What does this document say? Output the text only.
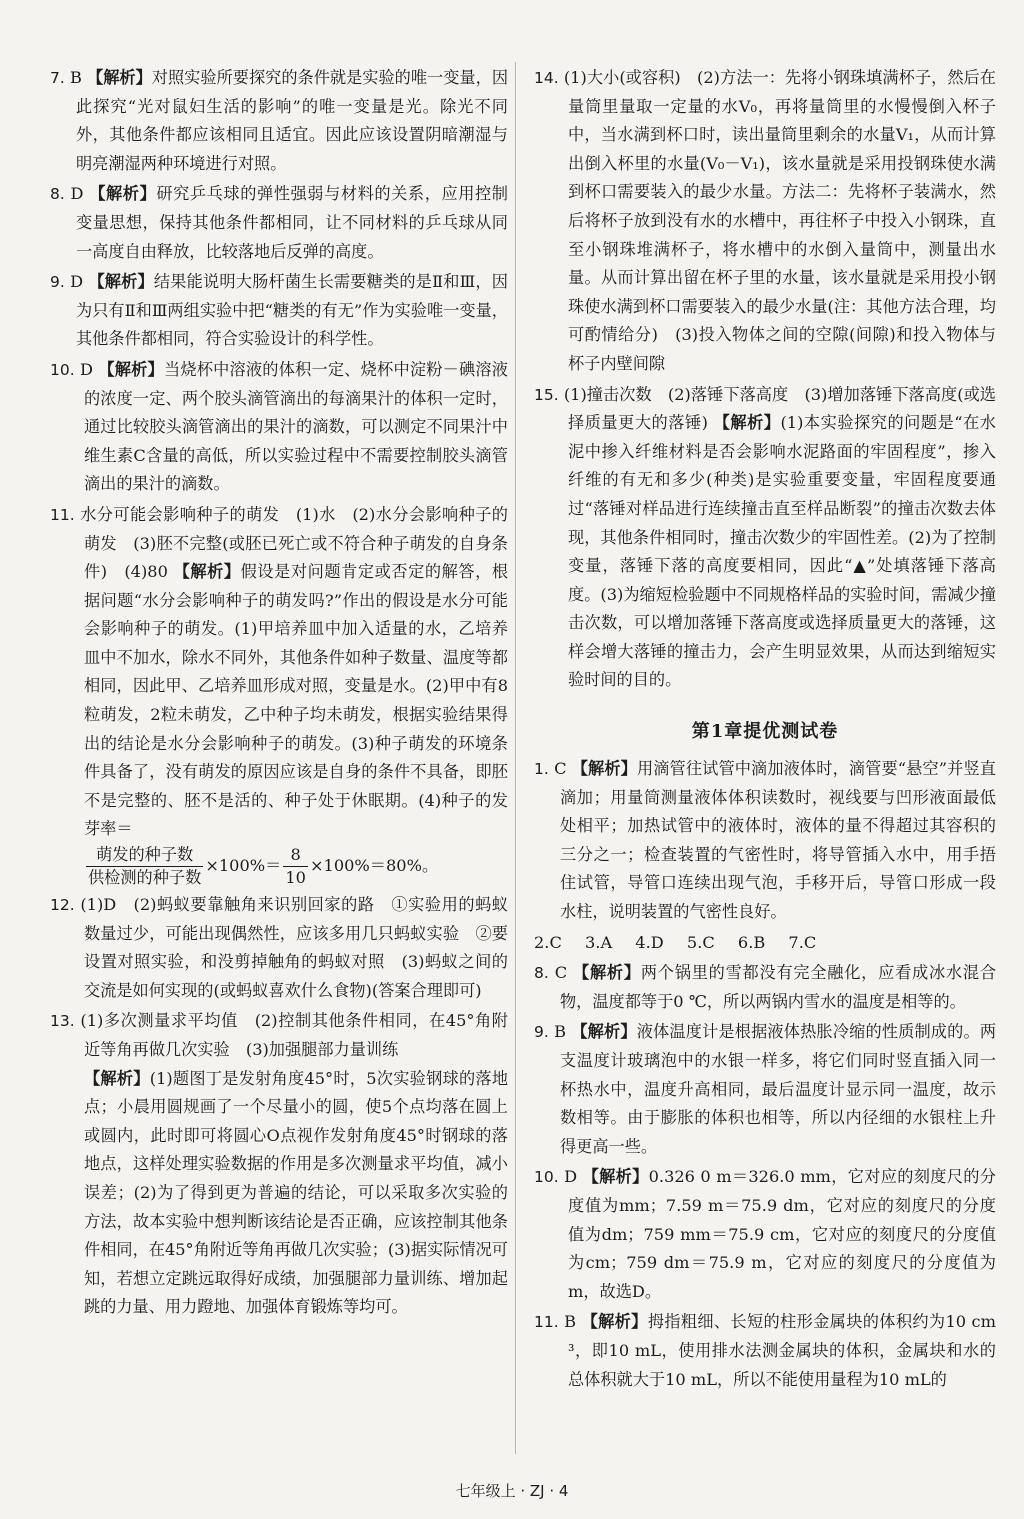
7. B 【解析】对照实验所要探究的条件就是实验的唯一变量，因此探究“光对鼠妇生活的影响”的唯一变量是光。除光不同外，其他条件都应该相同且适宜。因此应该设置阴暗潮湿与明亮潮湿两种环境进行对照。
8. D 【解析】研究乒乓球的弹性强弱与材料的关系，应用控制变量思想，保持其他条件都相同，让不同材料的乒乓球从同一高度自由释放，比较落地后反弹的高度。
9. D 【解析】结果能说明大肠杆菌生长需要糖类的是Ⅱ和Ⅲ，因为只有Ⅱ和Ⅲ两组实验中把“糖类的有无”作为实验唯一变量，其他条件都相同，符合实验设计的科学性。
10. D 【解析】当烧杯中溶液的体积一定、烧杯中淀粉－碘溶液的浓度一定、两个胶头滴管滴出的每滴果汁的体积一定时，通过比较胶头滴管滴出的果汁的滴数，可以测定不同果汁中维生素C含量的高低，所以实验过程中不需要控制胶头滴管滴出的果汁的滴数。
11. 水分可能会影响种子的萌发　(1)水　(2)水分会影响种子的萌发　(3)胚不完整(或胚已死亡或不符合种子萌发的自身条件)　(4)80 【解析】假设是对问题肯定或否定的解答，根据问题“水分会影响种子的萌发吗?”作出的假设是水分可能会影响种子的萌发。(1)甲培养皿中加入适量的水，乙培养皿中不加水，除水不同外，其他条件如种子数量、温度等都相同，因此甲、乙培养皿形成对照，变量是水。(2)甲中有8粒萌发，2粒未萌发，乙中种子均未萌发，根据实验结果得出的结论是水分会影响种子的萌发。(3)种子萌发的环境条件具备了，没有萌发的原因应该是自身的条件不具备，即胚不是完整的、胚不是活的、种子处于休眠期。(4)种子的发芽率＝

$\frac{\text{萌发的种子数}}{\text{供检测的种子数}} \times 100\%= \frac{8}{10} \times 100\%=80\%$。
12. (1)D　(2)蚂蚁要靠触角来识别回家的路　①实验用的蚂蚁数量过少，可能出现偶然性，应该多用几只蚂蚁实验　②要设置对照实验，和没剪掉触角的蚂蚁对照　(3)蚂蚁之间的交流是如何实现的(或蚂蚁喜欢什么食物)(答案合理即可)
13. (1)多次测量求平均值　(2)控制其他条件相同，在45°角附近等角再做几次实验　(3)加强腿部力量训练
【解析】(1)题图丁是发射角度45°时，5次实验钢球的落地点；小晨用圆规画了一个尽量小的圆，使5个点均落在圆上或圆内，此时即可将圆心O点视作发射角度45°时钢球的落地点，这样处理实验数据的作用是多次测量求平均值，减小误差；(2)为了得到更为普遍的结论，可以采取多次实验的方法，故本实验中想判断该结论是否正确，应该控制其他条件相同，在45°角附近等角再做几次实验；(3)据实际情况可知，若想立定跳远取得好成绩，加强腿部力量训练、增加起跳的力量、用力蹬地、加强体育锻炼等均可。
14. (1)大小(或容积)　(2)方法一：先将小钢珠填满杯子，然后在量筒里量取一定量的水V₀，再将量筒里的水慢慢倒入杯子中，当水满到杯口时，读出量筒里剩余的水量V₁，从而计算出倒入杯里的水量(V₀－V₁)，该水量就是采用投钢珠使水满到杯口需要装入的最少水量。方法二：先将杯子装满水，然后将杯子放到没有水的水槽中，再往杯子中投入小钢珠，直至小钢珠堆满杯子，将水槽中的水倒入量筒中，测量出水量。从而计算出留在杯子里的水量，该水量就是采用投小钢珠使水满到杯口需要装入的最少水量(注：其他方法合理，均可酌情给分)　(3)投入物体之间的空隙(间隙)和投入物体与杯子内壁间隙
15. (1)撞击次数　(2)落锤下落高度　(3)增加落锤下落高度(或选择质量更大的落锤) 【解析】(1)本实验探究的问题是“在水泥中掺入纤维材料是否会影响水泥路面的牢固程度”，掺入纤维的有无和多少(种类)是实验重要变量，牢固程度要通过“落锤对样品进行连续撞击直至样品断裂”的撞击次数去体现，其他条件相同时，撞击次数少的牢固性差。(2)为了控制变量，落锤下落的高度要相同，因此“▲”处填落锤下落高度。(3)为缩短检验题中不同规格样品的实验时间，需减少撞击次数，可以增加落锤下落高度或选择质量更大的落锤，这样会增大落锤的撞击力，会产生明显效果，从而达到缩短实验时间的目的。
第1章提优测试卷
1. C 【解析】用滴管往试管中滴加液体时，滴管要“悬空”并竖直滴加；用量筒测量液体体积读数时，视线要与凹形液面最低处相平；加热试管中的液体时，液体的量不得超过其容积的三分之一；检查装置的气密性时，将导管插入水中，用手捂住试管，导管口连续出现气泡，手移开后，导管口形成一段水柱，说明装置的气密性良好。
2.C 3.A 4.D 5.C 6.B 7.C
8. C 【解析】两个锅里的雪都没有完全融化，应看成冰水混合物，温度都等于0 ℃，所以两锅内雪水的温度是相等的。
9. B 【解析】液体温度计是根据液体热胀冷缩的性质制成的。两支温度计玻璃泡中的水银一样多，将它们同时竖直插入同一杯热水中，温度升高相同，最后温度计显示同一温度，故示数相等。由于膨胀的体积也相等，所以内径细的水银柱上升得更高一些。
10. D 【解析】0.326 0 m＝326.0 mm，它对应的刻度尺的分度值为mm；7.59 m＝75.9 dm，它对应的刻度尺的分度值为dm；759 mm＝75.9 cm，它对应的刻度尺的分度值为cm；759 dm＝75.9 m，它对应的刻度尺的分度值为m，故选D。
11. B 【解析】拇指粗细、长短的柱形金属块的体积约为10 cm³，即10 mL，使用排水法测金属块的体积，金属块和水的总体积就大于10 mL，所以不能使用量程为10 mL的
七年级上 · ZJ · 4
